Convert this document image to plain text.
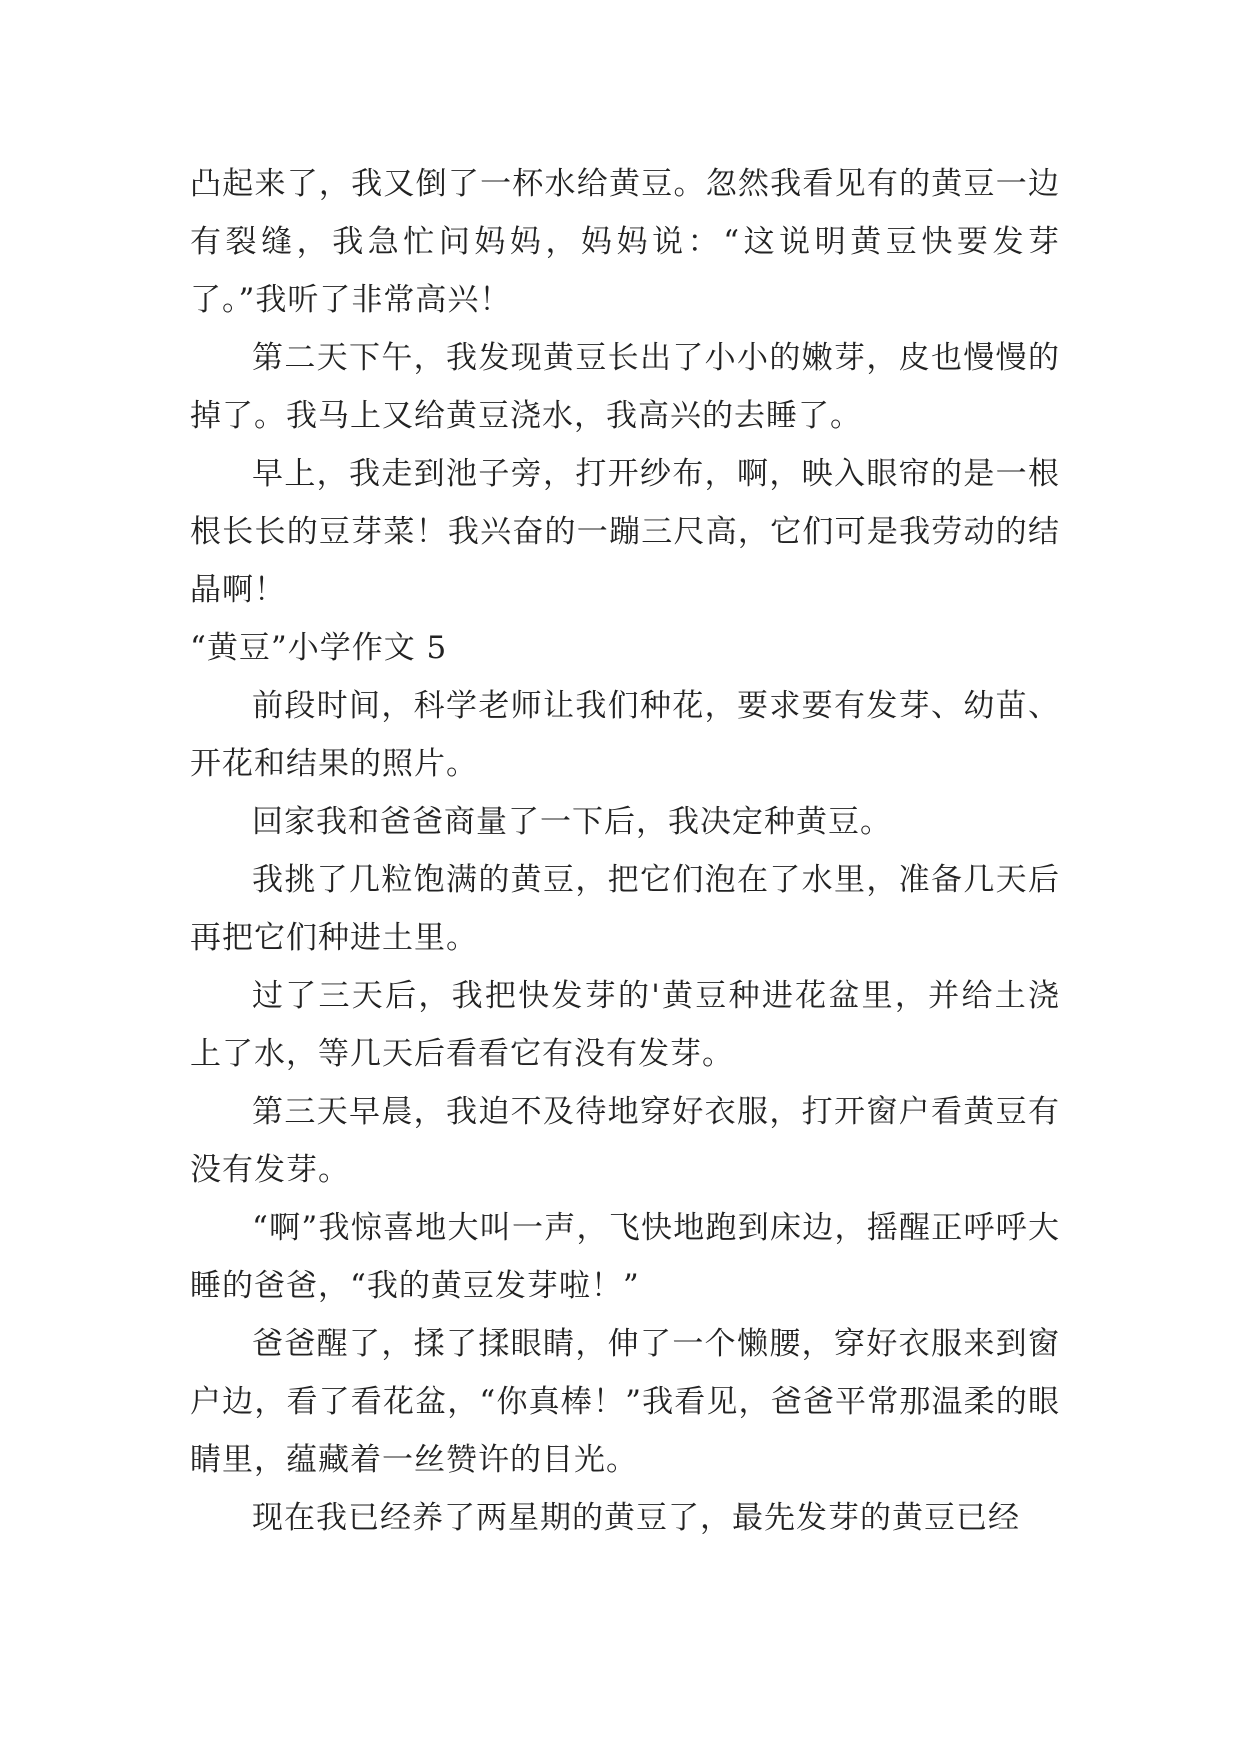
凸起来了，我又倒了一杯水给黄豆。忽然我看见有的黄豆一边有裂缝，我急忙问妈妈，妈妈说：“这说明黄豆快要发芽了。”我听了非常高兴！

第二天下午，我发现黄豆长出了小小的嫩芽，皮也慢慢的掉了。我马上又给黄豆浇水，我高兴的去睡了。

早上，我走到池子旁，打开纱布，啊，映入眼帘的是一根根长长的豆芽菜！我兴奋的一蹦三尺高，它们可是我劳动的结晶啊！

“黄豆”小学作文 5

前段时间，科学老师让我们种花，要求要有发芽、幼苗、开花和结果的照片。

回家我和爸爸商量了一下后，我决定种黄豆。

我挑了几粒饱满的黄豆，把它们泡在了水里，准备几天后再把它们种进土里。

过了三天后，我把快发芽的'黄豆种进花盆里，并给土浇上了水，等几天后看看它有没有发芽。

第三天早晨，我迫不及待地穿好衣服，打开窗户看黄豆有没有发芽。

“啊”我惊喜地大叫一声，飞快地跑到床边，摇醒正呼呼大睡的爸爸，“我的黄豆发芽啦！”

爸爸醒了，揉了揉眼睛，伸了一个懒腰，穿好衣服来到窗户边，看了看花盆，“你真棒！”我看见，爸爸平常那温柔的眼睛里，蕴藏着一丝赞许的目光。

现在我已经养了两星期的黄豆了，最先发芽的黄豆已经
